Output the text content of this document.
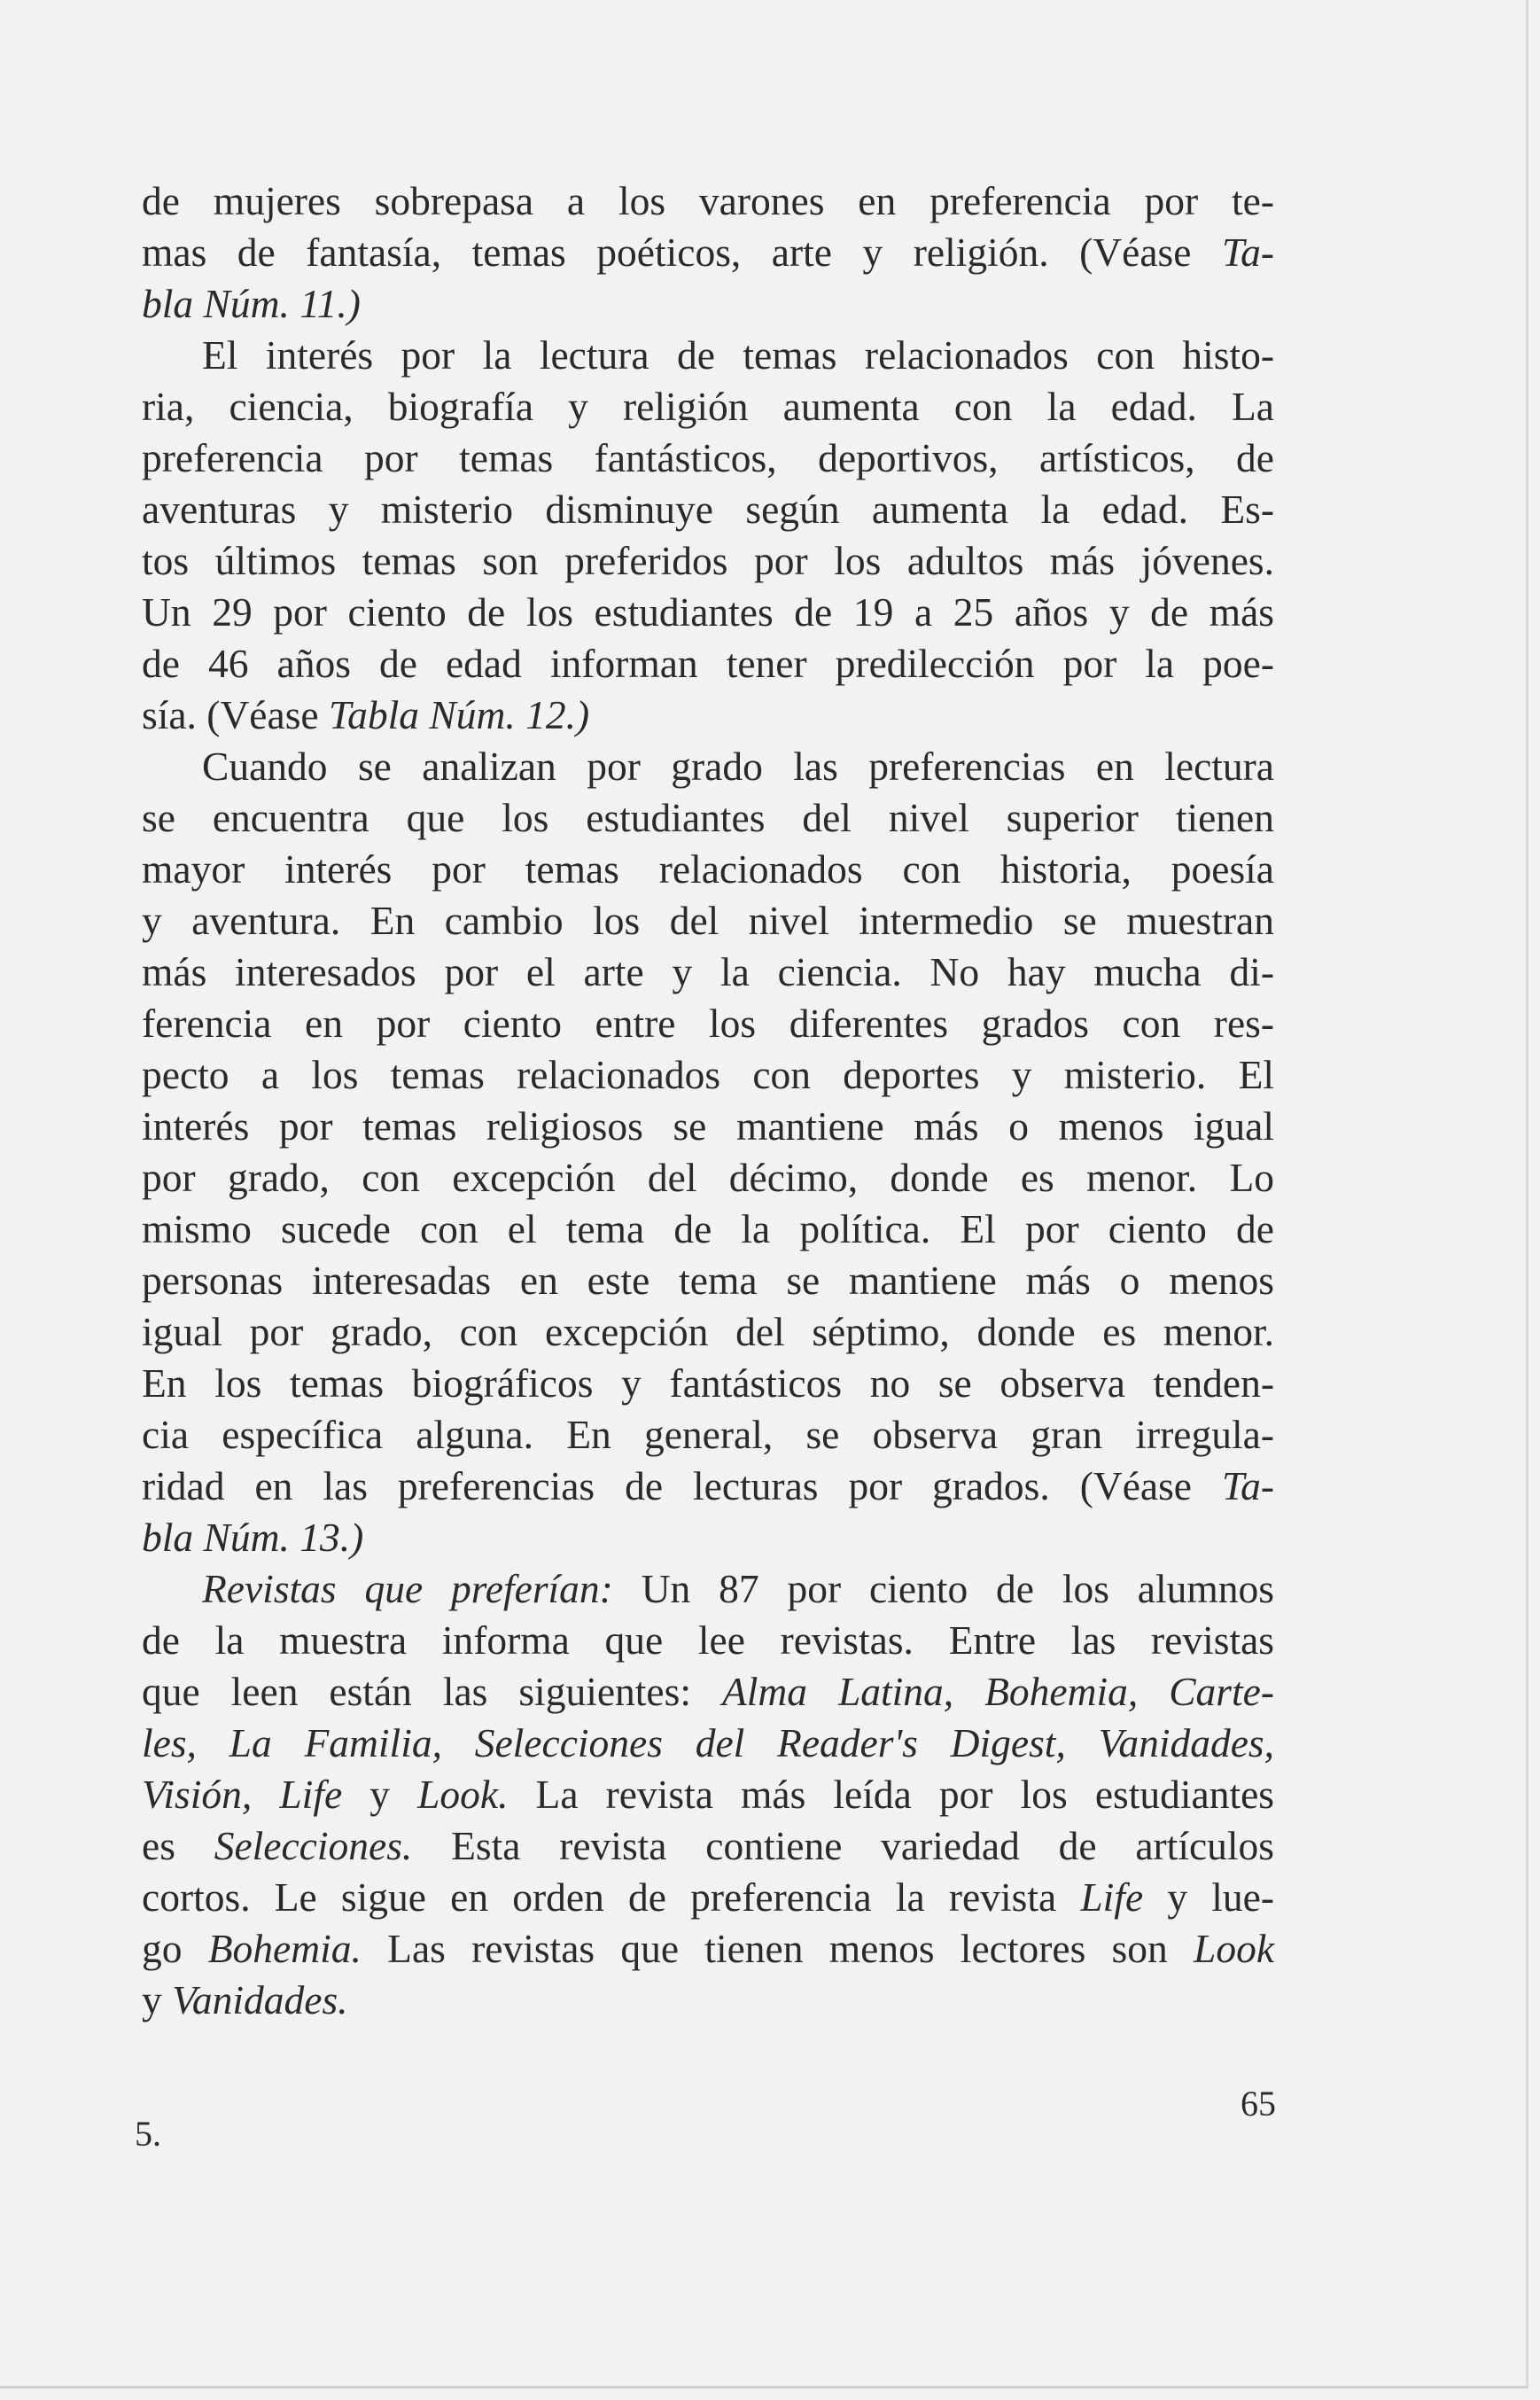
de mujeres sobrepasa a los varones en preferencia por te-
mas de fantasía, temas poéticos, arte y religión. (Véase Ta-
bla Núm. 11.)
El interés por la lectura de temas relacionados con histo-
ria, ciencia, biografía y religión aumenta con la edad. La
preferencia por temas fantásticos, deportivos, artísticos, de
aventuras y misterio disminuye según aumenta la edad. Es-
tos últimos temas son preferidos por los adultos más jóvenes.
Un 29 por ciento de los estudiantes de 19 a 25 años y de más
de 46 años de edad informan tener predilección por la poe-
sía. (Véase Tabla Núm. 12.)
Cuando se analizan por grado las preferencias en lectura
se encuentra que los estudiantes del nivel superior tienen
mayor interés por temas relacionados con historia, poesía
y aventura. En cambio los del nivel intermedio se muestran
más interesados por el arte y la ciencia. No hay mucha di-
ferencia en por ciento entre los diferentes grados con res-
pecto a los temas relacionados con deportes y misterio. El
interés por temas religiosos se mantiene más o menos igual
por grado, con excepción del décimo, donde es menor. Lo
mismo sucede con el tema de la política. El por ciento de
personas interesadas en este tema se mantiene más o menos
igual por grado, con excepción del séptimo, donde es menor.
En los temas biográficos y fantásticos no se observa tenden-
cia específica alguna. En general, se observa gran irregula-
ridad en las preferencias de lecturas por grados. (Véase Ta-
bla Núm. 13.)
Revistas que preferían: Un 87 por ciento de los alumnos
de la muestra informa que lee revistas. Entre las revistas
que leen están las siguientes: Alma Latina, Bohemia, Carte-
les, La Familia, Selecciones del Reader's Digest, Vanidades,
Visión, Life y Look. La revista más leída por los estudiantes
es Selecciones. Esta revista contiene variedad de artículos
cortos. Le sigue en orden de preferencia la revista Life y lue-
go Bohemia. Las revistas que tienen menos lectores son Look
y Vanidades.
5.
65
